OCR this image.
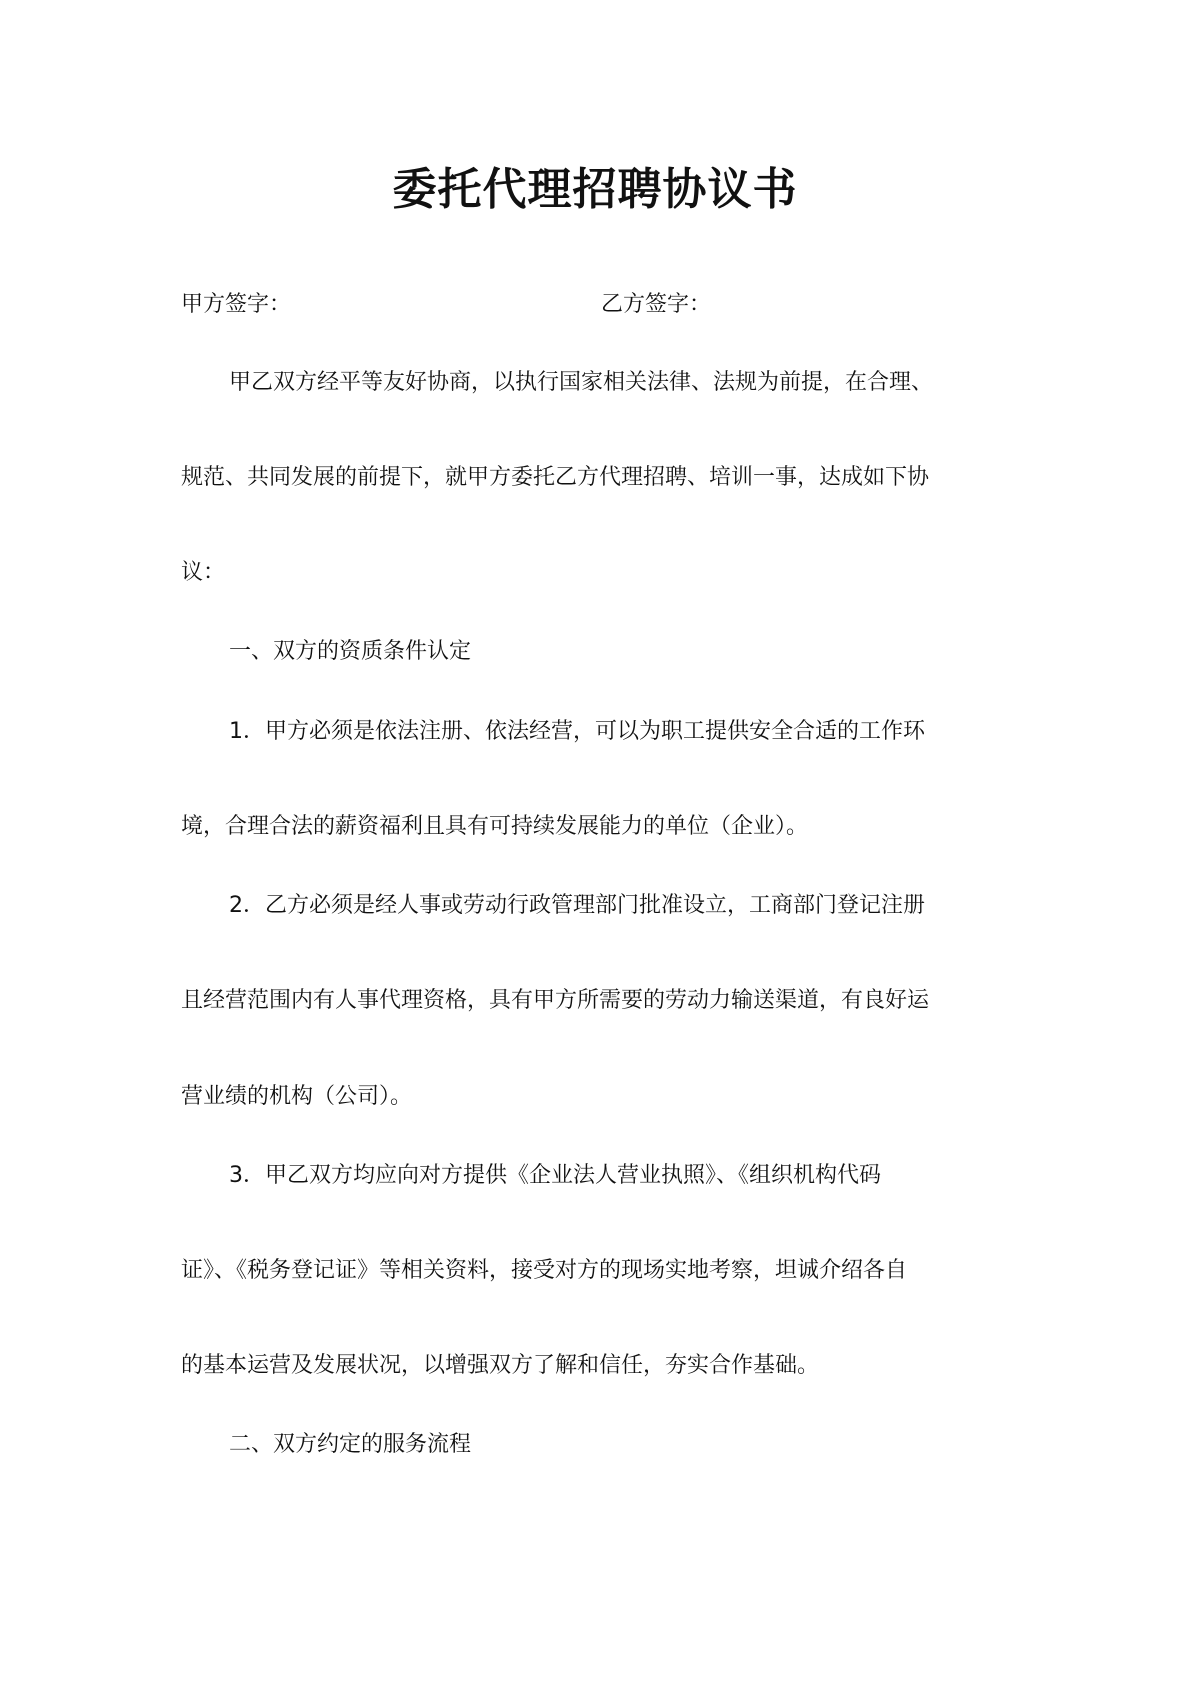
委托代理招聘协议书
甲方签字：	乙方签字：
甲乙双方经平等友好协商，以执行国家相关法律、法规为前提，在合理、
规范、共同发展的前提下，就甲方委托乙方代理招聘、培训一事，达成如下协
议：
一、双方的资质条件认定
1．甲方必须是依法注册、依法经营，可以为职工提供安全合适的工作环
境，合理合法的薪资福利且具有可持续发展能力的单位（企业）。
2．乙方必须是经人事或劳动行政管理部门批准设立，工商部门登记注册
且经营范围内有人事代理资格，具有甲方所需要的劳动力输送渠道，有良好运
营业绩的机构（公司）。
3．甲乙双方均应向对方提供《企业法人营业执照》、《组织机构代码
证》、《税务登记证》等相关资料，接受对方的现场实地考察，坦诚介绍各自
的基本运营及发展状况，以增强双方了解和信任，夯实合作基础。
二、双方约定的服务流程
